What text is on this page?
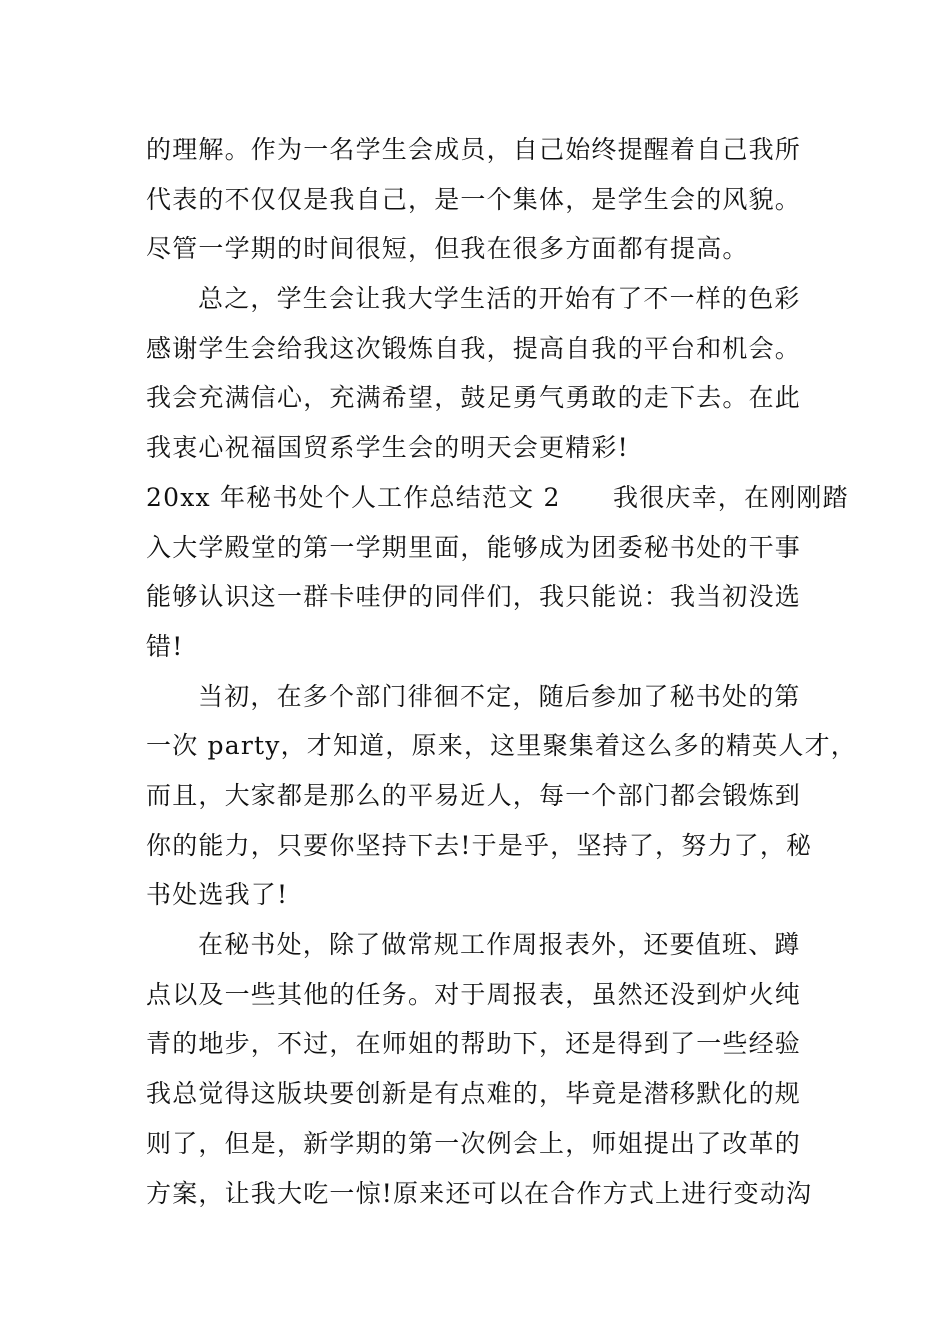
的理解。作为一名学生会成员，自己始终提醒着自己我所
代表的不仅仅是我自己，是一个集体，是学生会的风貌。
尽管一学期的时间很短，但我在很多方面都有提高。
总之，学生会让我大学生活的开始有了不一样的色彩
感谢学生会给我这次锻炼自我，提高自我的平台和机会。
我会充满信心，充满希望，鼓足勇气勇敢的走下去。在此
我衷心祝福国贸系学生会的明天会更精彩!
20xx 年秘书处个人工作总结范文 2　　我很庆幸，在刚刚踏
入大学殿堂的第一学期里面，能够成为团委秘书处的干事
能够认识这一群卡哇伊的同伴们，我只能说：我当初没选
错!
当初，在多个部门徘徊不定，随后参加了秘书处的第
一次 party，才知道，原来，这里聚集着这么多的精英人才，
而且，大家都是那么的平易近人，每一个部门都会锻炼到
你的能力，只要你坚持下去!于是乎，坚持了，努力了，秘
书处选我了!
在秘书处，除了做常规工作周报表外，还要值班、蹲
点以及一些其他的任务。对于周报表，虽然还没到炉火纯
青的地步，不过，在师姐的帮助下，还是得到了一些经验
我总觉得这版块要创新是有点难的，毕竟是潜移默化的规
则了，但是，新学期的第一次例会上，师姐提出了改革的
方案，让我大吃一惊!原来还可以在合作方式上进行变动沟
